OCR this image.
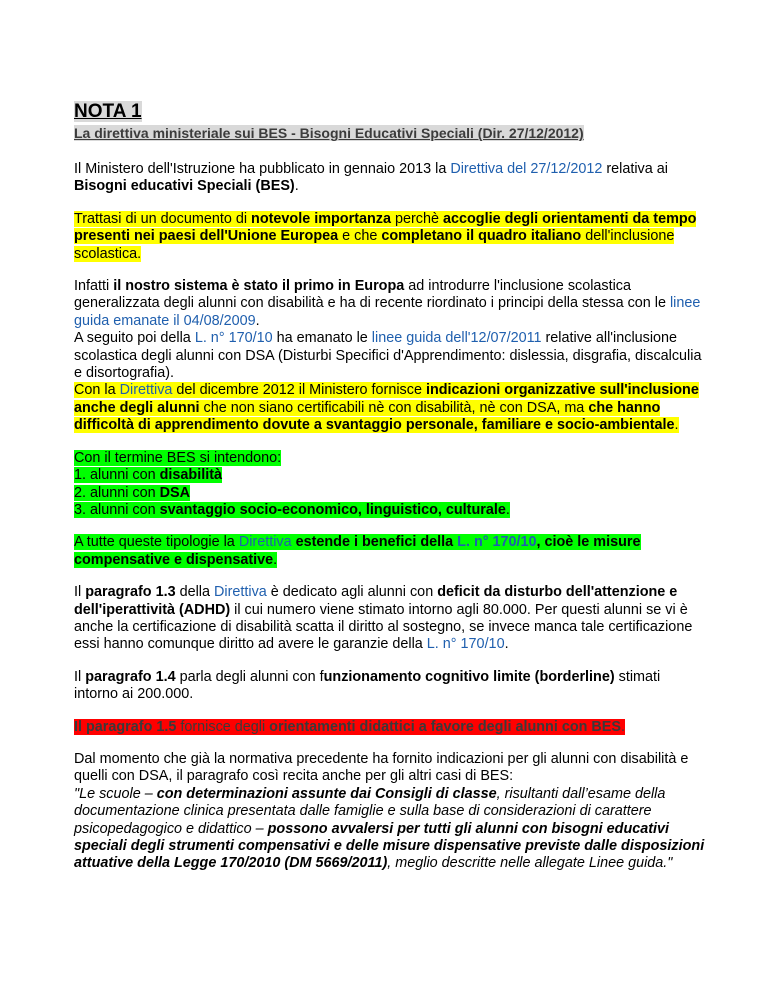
NOTA 1
La direttiva ministeriale sui BES - Bisogni Educativi Speciali (Dir. 27/12/2012)

Il Ministero dell'Istruzione ha pubblicato in gennaio 2013 la Direttiva del 27/12/2012 relativa ai Bisogni educativi Speciali (BES).

Trattasi di un documento di notevole importanza perchè accoglie degli orientamenti da tempo presenti nei paesi dell'Unione Europea e che completano il quadro italiano dell'inclusione scolastica.

Infatti il nostro sistema è stato il primo in Europa ad introdurre l'inclusione scolastica generalizzata degli alunni con disabilità e ha di recente riordinato i principi della stessa con le linee guida emanate il 04/08/2009.
A seguito poi della L. n° 170/10 ha emanato le linee guida dell'12/07/2011 relative all'inclusione scolastica degli alunni con DSA (Disturbi Specifici d'Apprendimento: dislessia, disgrafia, discalculia e disortografia).
Con la Direttiva del dicembre 2012 il Ministero fornisce indicazioni organizzative sull'inclusione anche degli alunni che non siano certificabili nè con disabilità, nè con DSA, ma che hanno difficoltà di apprendimento dovute a svantaggio personale, familiare e socio-ambientale.

Con il termine BES si intendono:
1. alunni con disabilità
2. alunni con DSA
3. alunni con svantaggio socio-economico, linguistico, culturale.

A tutte queste tipologie la Direttiva estende i benefici della L. n° 170/10, cioè le misure compensative e dispensative.

Il paragrafo 1.3 della Direttiva è dedicato agli alunni con deficit da disturbo dell'attenzione e dell'iperattività (ADHD) il cui numero viene stimato intorno agli 80.000. Per questi alunni se vi è anche la certificazione di disabilità scatta il diritto al sostegno, se invece manca tale certificazione essi hanno comunque diritto ad avere le garanzie della L. n° 170/10.

Il paragrafo 1.4 parla degli alunni con funzionamento cognitivo limite (borderline) stimati intorno ai 200.000.

Il paragrafo 1.5 fornisce degli orientamenti didattici a favore degli alunni con BES.

Dal momento che già la normativa precedente ha fornito indicazioni per gli alunni con disabilità e quelli con DSA, il paragrafo così recita anche per gli altri casi di BES:
"Le scuole – con determinazioni assunte dai Consigli di classe, risultanti dall’esame della documentazione clinica presentata dalle famiglie e sulla base di considerazioni di carattere psicopedagogico e didattico – possono avvalersi per tutti gli alunni con bisogni educativi speciali degli strumenti compensativi e delle misure dispensative previste dalle disposizioni attuative della Legge 170/2010 (DM 5669/2011), meglio descritte nelle allegate Linee guida."
